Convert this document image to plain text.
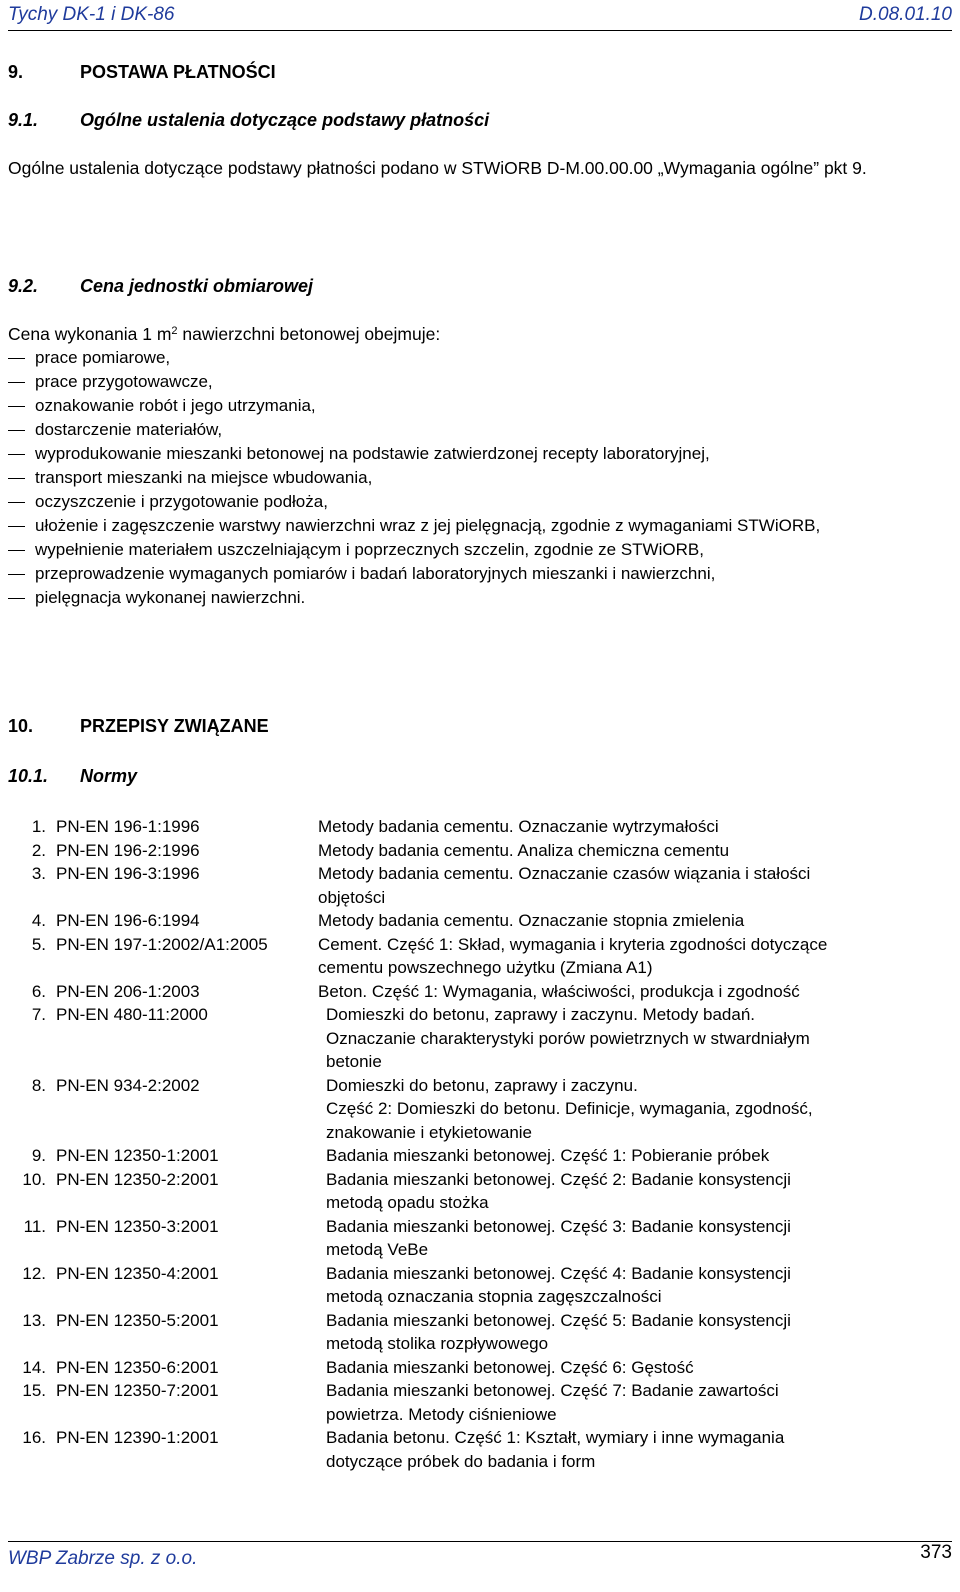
Tychy DK-1 i DK-86	D.08.01.10
9.	POSTAWA PŁATNOŚCI
9.1. Ogólne ustalenia dotyczące podstawy płatności
Ogólne ustalenia dotyczące podstawy płatności podano w STWiORB D-M.00.00.00 „Wymagania ogólne” pkt 9.
9.2. Cena jednostki obmiarowej
Cena wykonania 1 $m^2$ nawierzchni betonowej obejmuje:
prace pomiarowe,
prace przygotowawcze,
oznakowanie robót i jego utrzymania,
dostarczenie materiałów,
wyprodukowanie mieszanki betonowej na podstawie zatwierdzonej recepty laboratoryjnej,
transport mieszanki na miejsce wbudowania,
oczyszczenie i przygotowanie podłoża,
ułożenie i zagęszczenie warstwy nawierzchni wraz z jej pielęgnacją, zgodnie z wymaganiami STWiORB,
wypełnienie materiałem uszczelniającym i poprzecznych szczelin, zgodnie ze STWiORB,
przeprowadzenie wymaganych pomiarów i badań laboratoryjnych mieszanki i nawierzchni,
pielęgnacja wykonanej nawierzchni.
10.	PRZEPISY ZWIĄZANE
10.1. Normy
1. PN-EN 196-1:1996	Metody badania cementu. Oznaczanie wytrzymałości
2. PN-EN 196-2:1996	Metody badania cementu. Analiza chemiczna cementu
3. PN-EN 196-3:1996	Metody badania cementu. Oznaczanie czasów wiązania i stałości
objętości
4. PN-EN 196-6:1994	Metody badania cementu. Oznaczanie stopnia zmielenia
5. PN-EN 197-1:2002/A1:2005	Cement. Część 1: Skład, wymagania i kryteria zgodności dotyczące
cementu powszechnego użytku (Zmiana A1)
6. PN-EN 206-1:2003	Beton. Część 1: Wymagania, właściwości, produkcja i zgodność
7. PN-EN 480-11:2000	Domieszki do betonu, zaprawy i zaczynu. Metody badań.
Oznaczanie charakterystyki porów powietrznych w stwardniałym
betonie
8. PN-EN 934-2:2002	Domieszki do betonu, zaprawy i zaczynu.
Część 2: Domieszki do betonu. Definicje, wymagania, zgodność,
znakowanie i etykietowanie
9. PN-EN 12350-1:2001	Badania mieszanki betonowej. Część 1: Pobieranie próbek
10. PN-EN 12350-2:2001	Badania mieszanki betonowej. Część 2: Badanie konsystencji
metodą opadu stożka
11. PN-EN 12350-3:2001	Badania mieszanki betonowej. Część 3: Badanie konsystencji
metodą VeBe
12. PN-EN 12350-4:2001	Badania mieszanki betonowej. Część 4: Badanie konsystencji
metodą oznaczania stopnia zagęszczalności
13. PN-EN 12350-5:2001	Badania mieszanki betonowej. Część 5: Badanie konsystencji
metodą stolika rozpływowego
14. PN-EN 12350-6:2001	Badania mieszanki betonowej. Część 6: Gęstość
15. PN-EN 12350-7:2001	Badania mieszanki betonowej. Część 7: Badanie zawartości
powietrza. Metody ciśnieniowe
16. PN-EN 12390-1:2001	Badania betonu. Część 1: Kształt, wymiary i inne wymagania
dotyczące próbek do badania i form
WBP Zabrze sp. z o.o.	373
